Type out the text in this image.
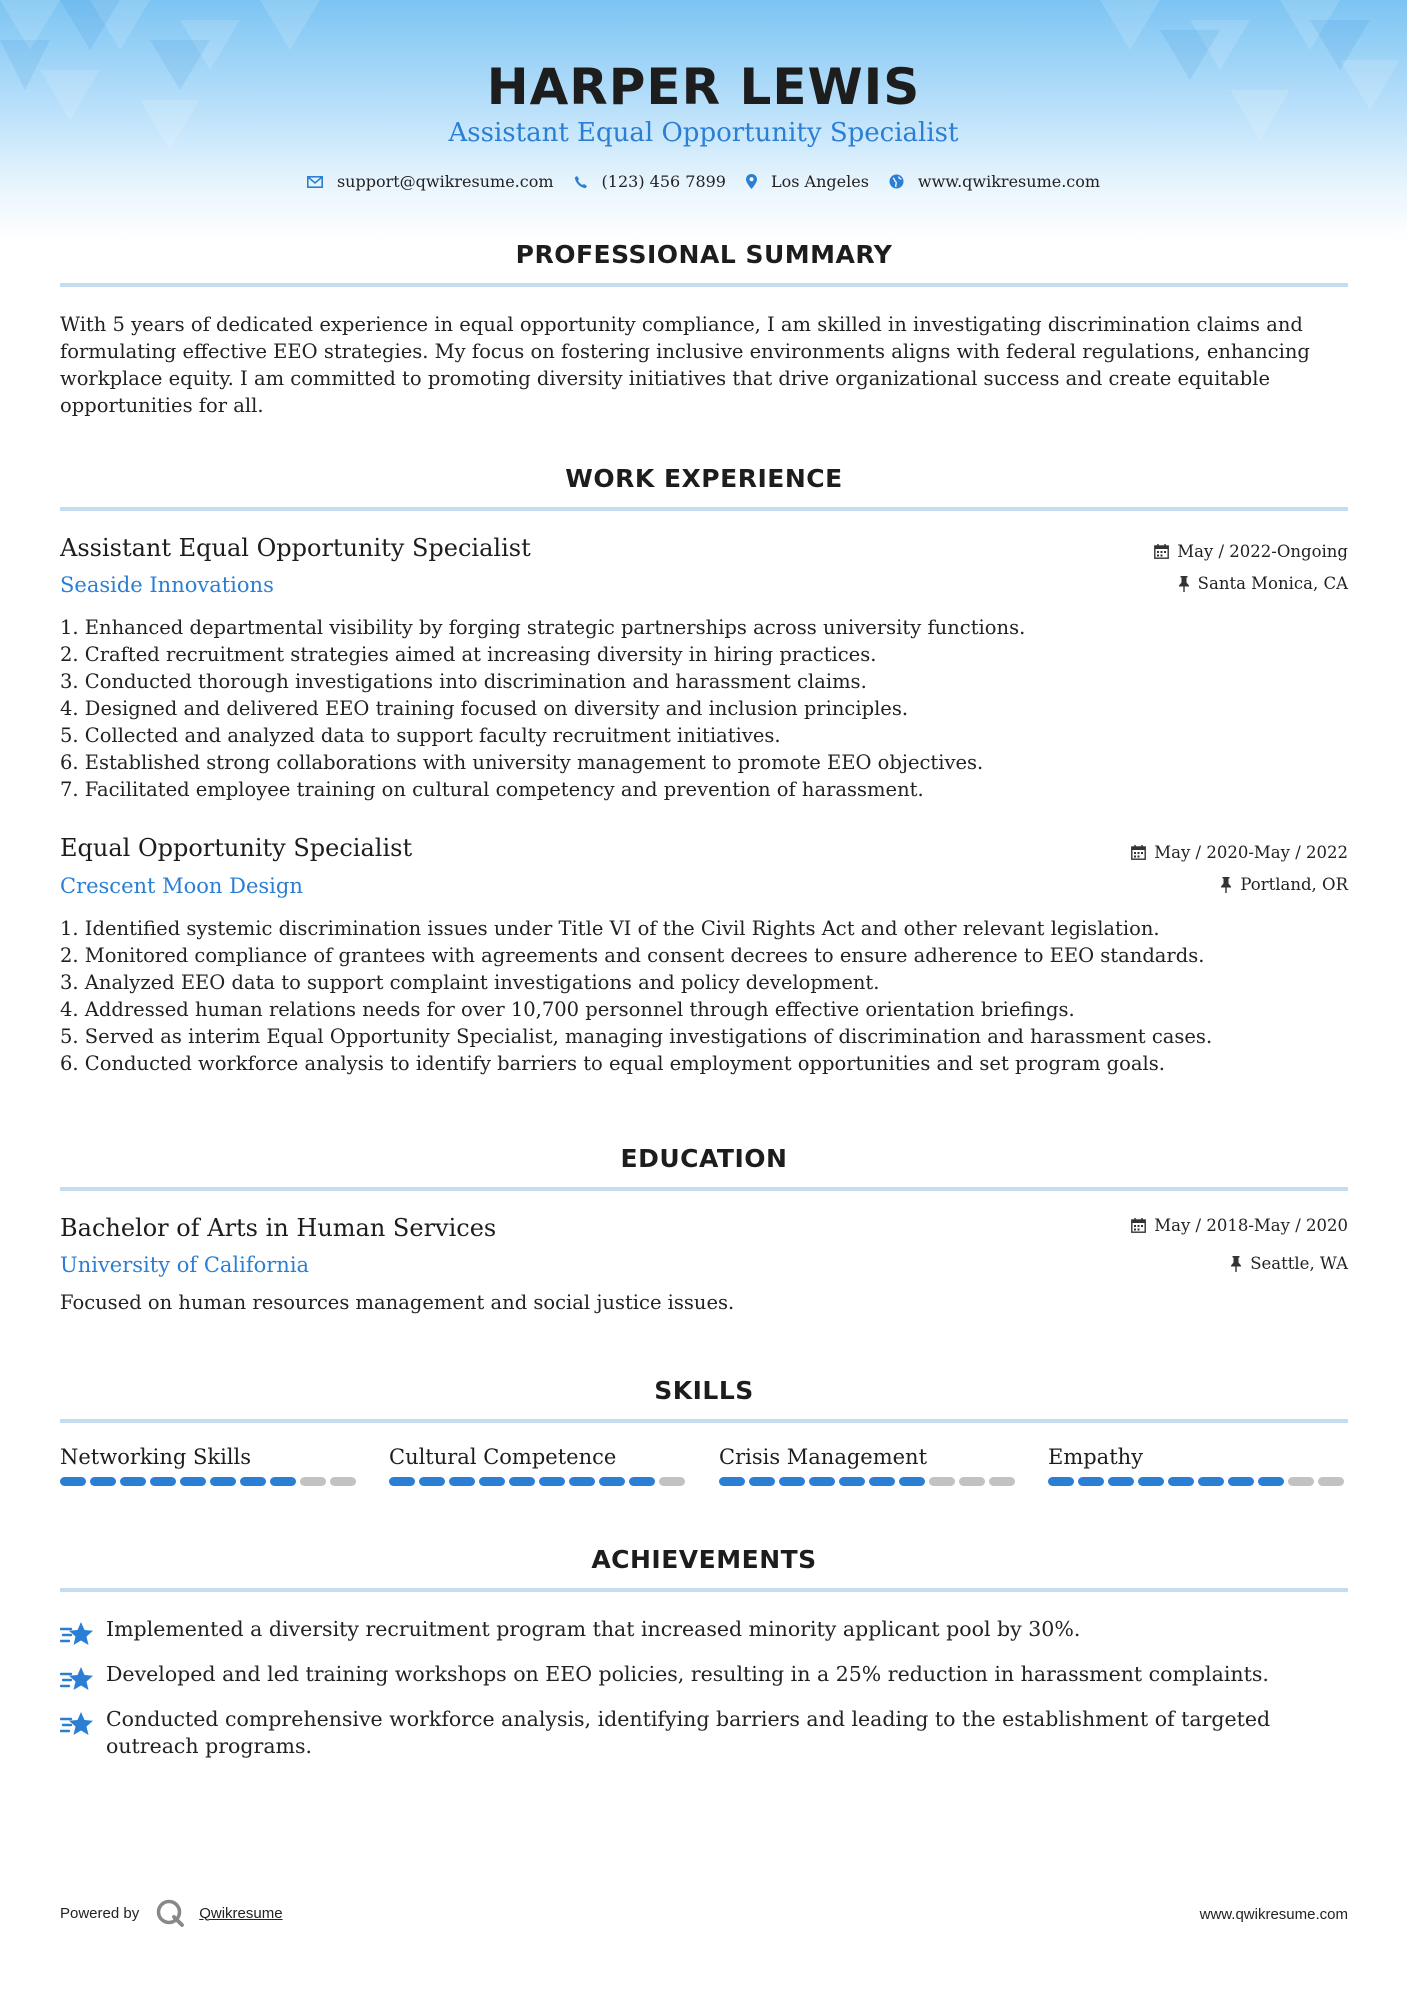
HARPER LEWIS
Assistant Equal Opportunity Specialist
support@qwikresume.com	(123) 456 7899	Los Angeles	www.qwikresume.com
PROFESSIONAL SUMMARY
With 5 years of dedicated experience in equal opportunity compliance, I am skilled in investigating discrimination claims and formulating effective EEO strategies. My focus on fostering inclusive environments aligns with federal regulations, enhancing workplace equity. I am committed to promoting diversity initiatives that drive organizational success and create equitable opportunities for all.
WORK EXPERIENCE
Assistant Equal Opportunity Specialist
Seaside Innovations
May / 2022-Ongoing
Santa Monica, CA
1. Enhanced departmental visibility by forging strategic partnerships across university functions.
2. Crafted recruitment strategies aimed at increasing diversity in hiring practices.
3. Conducted thorough investigations into discrimination and harassment claims.
4. Designed and delivered EEO training focused on diversity and inclusion principles.
5. Collected and analyzed data to support faculty recruitment initiatives.
6. Established strong collaborations with university management to promote EEO objectives.
7. Facilitated employee training on cultural competency and prevention of harassment.
Equal Opportunity Specialist
Crescent Moon Design
May / 2020-May / 2022
Portland, OR
1. Identified systemic discrimination issues under Title VI of the Civil Rights Act and other relevant legislation.
2. Monitored compliance of grantees with agreements and consent decrees to ensure adherence to EEO standards.
3. Analyzed EEO data to support complaint investigations and policy development.
4. Addressed human relations needs for over 10,700 personnel through effective orientation briefings.
5. Served as interim Equal Opportunity Specialist, managing investigations of discrimination and harassment cases.
6. Conducted workforce analysis to identify barriers to equal employment opportunities and set program goals.
EDUCATION
Bachelor of Arts in Human Services
University of California
May / 2018-May / 2020
Seattle, WA
Focused on human resources management and social justice issues.
SKILLS
Networking Skills	Cultural Competence	Crisis Management	Empathy
ACHIEVEMENTS
Implemented a diversity recruitment program that increased minority applicant pool by 30%.
Developed and led training workshops on EEO policies, resulting in a 25% reduction in harassment complaints.
Conducted comprehensive workforce analysis, identifying barriers and leading to the establishment of targeted outreach programs.
Powered by	Qwikresume	www.qwikresume.com
